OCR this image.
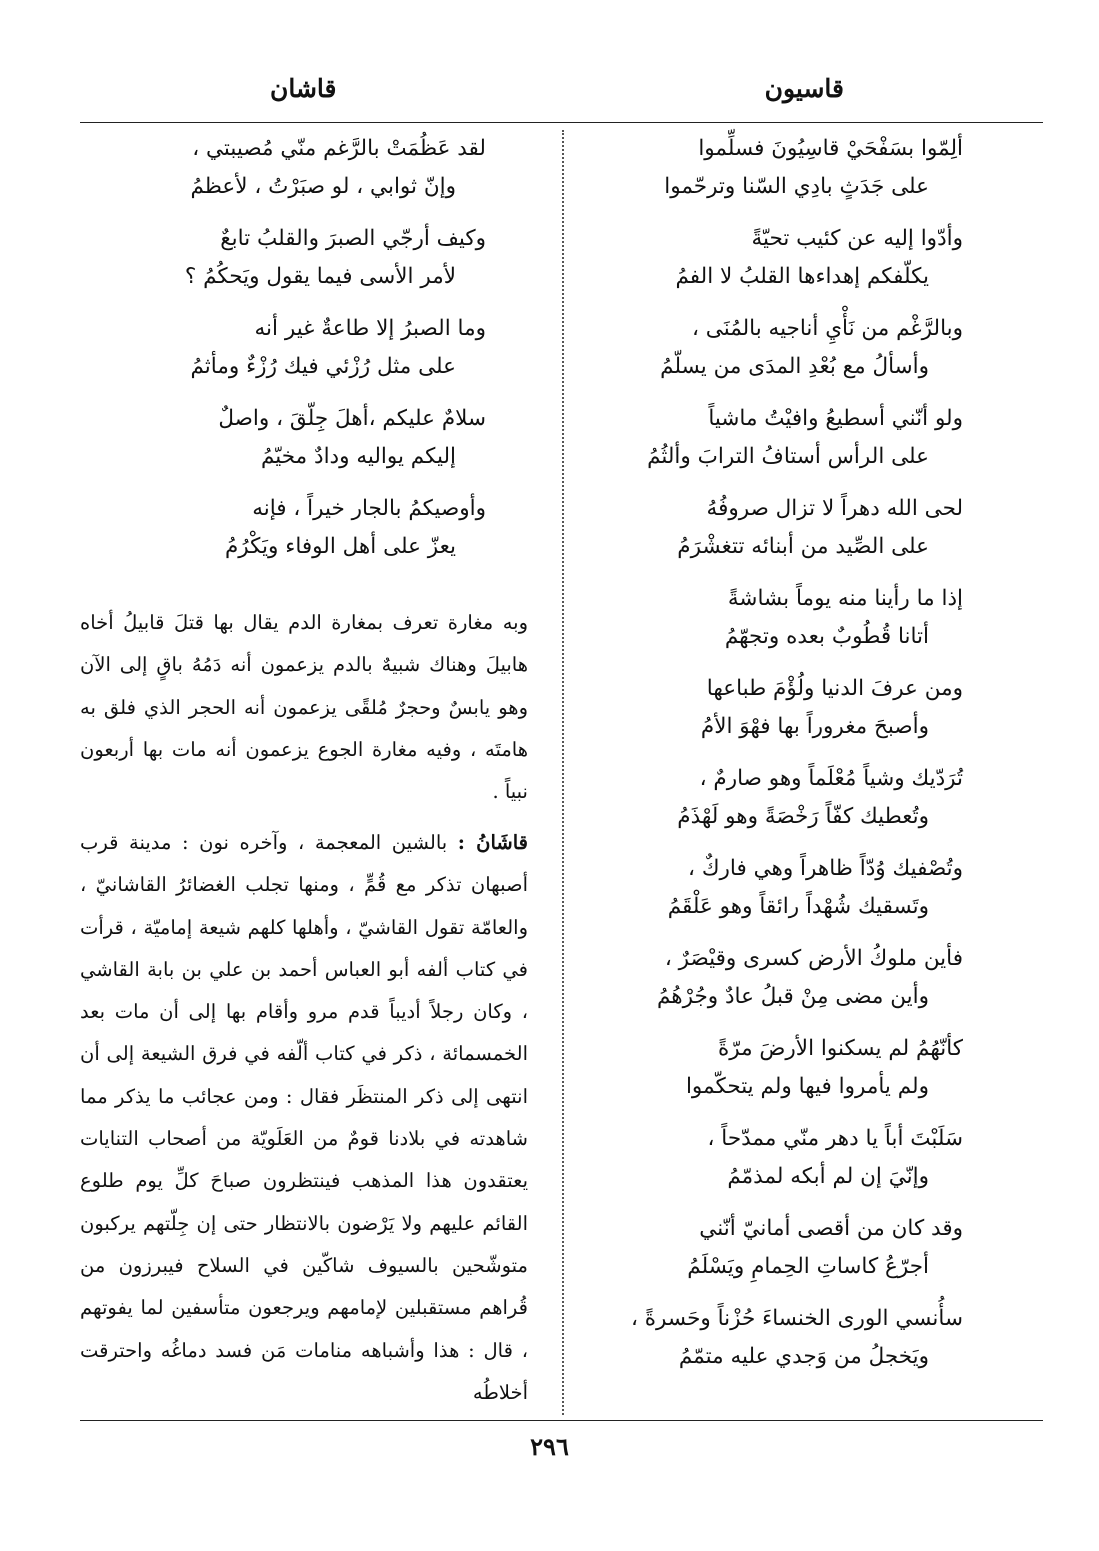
قاسيون
قاشان
ألِمّوا بسَفْحَيْ قاسِيُونَ فسلِّموا
على جَدَثٍ بادِي السّنا وترحّموا
وأدّوا إليه عن كئيب تحيّةً
يكلّفكم إهداءها القلبُ لا الفمُ
وبالرَّغْم من نَأْيِ أناجيه بالمُنَى ،
وأسألُ مع بُعْدِ المدَى من يسلّمُ
ولو أنّني أسطيعُ وافيْتُ ماشياً
على الرأس أستافُ الترابَ وألثُمُ
لحى الله دهراً لا تزال صروفُهُ
على الصِّيد من أبنائه تتغشْرَمُ
إذا ما رأينا منه يوماً بشاشةً
أتانا قُطُوبٌ بعده وتجهّمُ
ومن عرفَ الدنيا ولُؤْمَ طباعها
وأصبحَ مغروراً بها فهْوَ الأمُ
تُرَدّيك وشياً مُعْلَماً وهو صارمٌ ،
وتُعطيك كفّاً رَخْصَةً وهو لَهْذَمُ
وتُصْفيك وُدّاً ظاهراً وهي فاركٌ ،
وتَسقيك شُهْداً رائقاً وهو عَلْقَمُ
فأين ملوكُ الأرض كسرى وقيْصَرٌ ،
وأين مضى مِنْ قبلُ عادٌ وجُرْهُمُ
كأنّهُمُ لم يسكنوا الأرضَ مرّةً
ولم يأمروا فيها ولم يتحكّموا
سَلَبْتَ أباً يا دهر منّي ممدّحاً ،
وإنّيَ إن لم أبكه لمذمّمُ
وقد كان من أقصى أمانيّ أنّني
أجرّعُ كاساتِ الحِمامِ ويَسْلَمُ
سأُنسي الورى الخنساءَ حُزْناً وحَسرةً ،
ويَخجلُ من وَجدي عليه متمّمُ
لقد عَظُمَتْ بالرَّغم منّي مُصيبتي ،
وإنّ ثوابي ، لو صبَرْتُ ، لأعظمُ
وكيف أرجّي الصبرَ والقلبُ تابعٌ
لأمر الأسى فيما يقول ويَحكُمُ ؟
وما الصبرُ إلا طاعةٌ غير أنه
على مثل رُزْئي فيك رُزْءٌ ومأثمُ
سلامٌ عليكم ،أهلَ جِلّقَ ، واصلٌ
إليكم يواليه ودادٌ مخيّمُ
وأوصيكمُ بالجار خيراً ، فإنه
يعزّ على أهل الوفاء ويَكْرُمُ
وبه مغارة تعرف بمغارة الدم يقال بها قتلَ قابيلُ أخاه هابيلَ وهناك شبيهٌ بالدم يزعمون أنه دَمُهُ باقٍ إلى الآن وهو يابسٌ وحجرٌ مُلقًى يزعمون أنه الحجر الذي فلق به هامتَه ، وفيه مغارة الجوع يزعمون أنه مات بها أربعون نبياً .
قاشَانُ : بالشين المعجمة ، وآخره نون : مدينة قرب أصبهان تذكر مع قُمٍّ ، ومنها تجلب الغضائرُ القاشانيّ ، والعامّة تقول القاشيّ ، وأهلها كلهم شيعة إماميّة ، قرأت في كتاب ألفه أبو العباس أحمد بن علي بن بابة القاشي ، وكان رجلاً أديباً قدم مرو وأقام بها إلى أن مات بعد الخمسمائة ، ذكر في كتاب ألّفه في فرق الشيعة إلى أن انتهى إلى ذكر المنتظَر فقال : ومن عجائب ما يذكر مما شاهدته في بلادنا قومٌ من العَلَويّة من أصحاب التنايات يعتقدون هذا المذهب فينتظرون صباحَ كلِّ يوم طلوع القائم عليهم ولا يَرْضون بالانتظار حتى إن جِلّتهم يركبون متوشّحين بالسيوف شاكّين في السلاح فيبرزون من قُراهم مستقبلين لإمامهم ويرجعون متأسفين لما يفوتهم ، قال : هذا وأشباهه منامات مَن فسد دماغُه واحترقت أخلاطُه
٢٩٦
